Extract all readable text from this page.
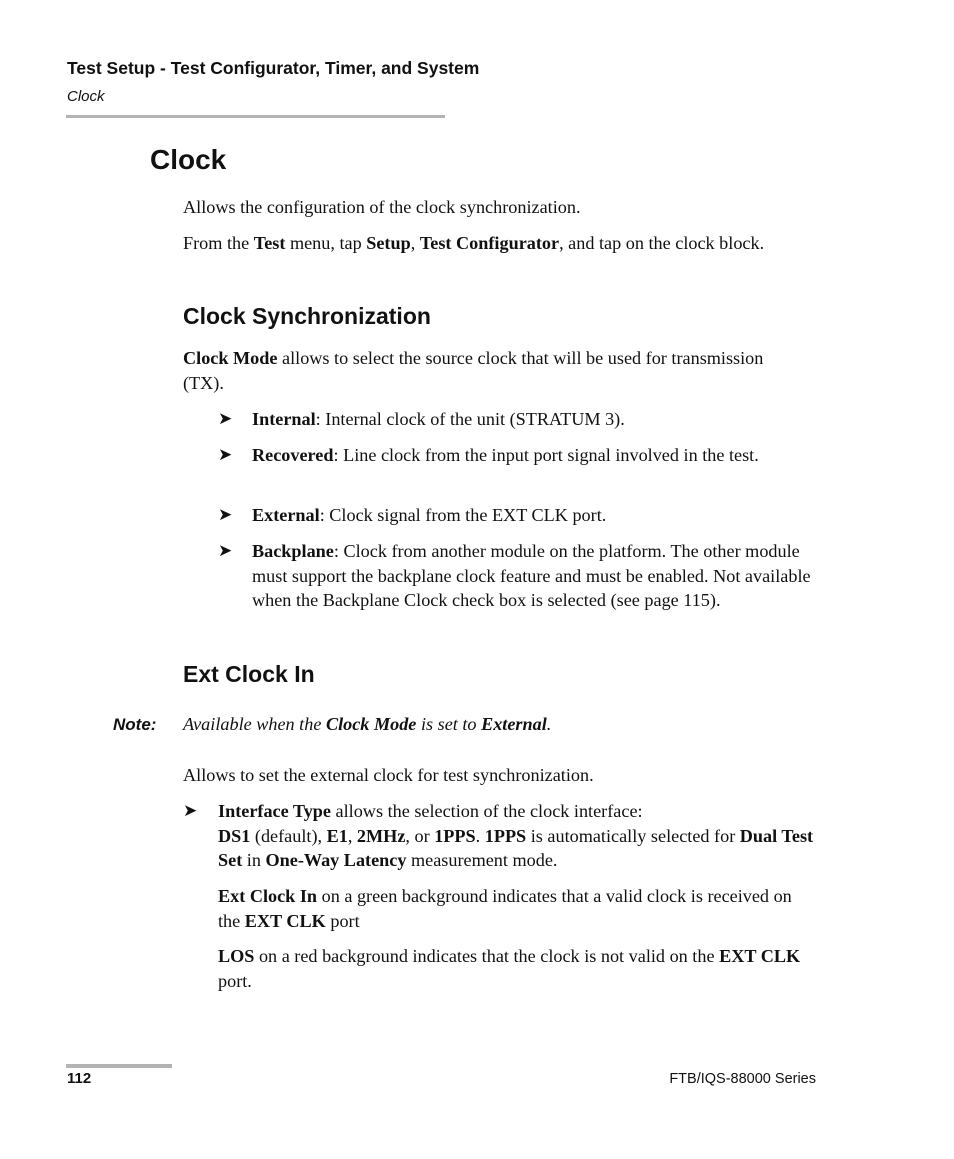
Test Setup - Test Configurator, Timer, and System
Clock
Clock
Allows the configuration of the clock synchronization.
From the Test menu, tap Setup, Test Configurator, and tap on the clock block.
Clock Synchronization
Clock Mode allows to select the source clock that will be used for transmission (TX).
➤ Internal: Internal clock of the unit (STRATUM 3).
➤ Recovered: Line clock from the input port signal involved in the test.
➤ External: Clock signal from the EXT CLK port.
➤ Backplane: Clock from another module on the platform. The other module must support the backplane clock feature and must be enabled. Not available when the Backplane Clock check box is selected (see page 115).
Ext Clock In
Note: Available when the Clock Mode is set to External.
Allows to set the external clock for test synchronization.
➤ Interface Type allows the selection of the clock interface:
DS1 (default), E1, 2MHz, or 1PPS. 1PPS is automatically selected for Dual Test Set in One-Way Latency measurement mode.
Ext Clock In on a green background indicates that a valid clock is received on the EXT CLK port
LOS on a red background indicates that the clock is not valid on the EXT CLK port.
112	FTB/IQS-88000 Series
